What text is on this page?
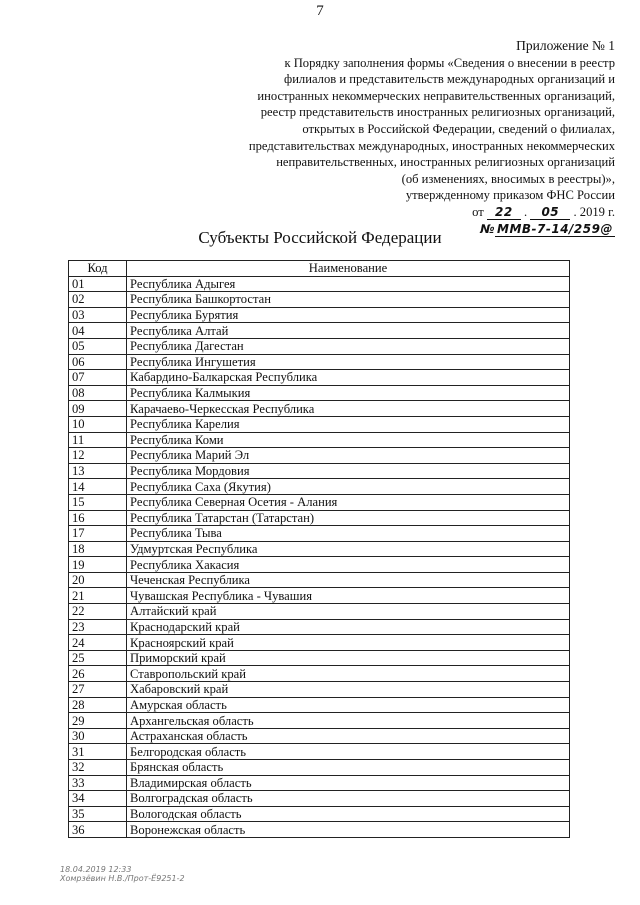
7
Приложение № 1
к Порядку заполнения формы «Сведения о внесении в реестр
филиалов и представительств международных организаций и
иностранных некоммерческих неправительственных организаций,
реестр представительств иностранных религиозных организаций,
открытых в Российской Федерации, сведений о филиалах,
представительствах международных, иностранных некоммерческих
неправительственных, иностранных религиозных организаций
(об изменениях, вносимых в реестры)»,
утвержденному приказом ФНС России
от 22 . 05 . 2019 г.
№ ММВ-7-14/259@
Субъекты Российской Федерации
Код	Наименование
01	Республика Адыгея
02	Республика Башкортостан
03	Республика Бурятия
04	Республика Алтай
05	Республика Дагестан
06	Республика Ингушетия
07	Кабардино-Балкарская Республика
08	Республика Калмыкия
09	Карачаево-Черкесская Республика
10	Республика Карелия
11	Республика Коми
12	Республика Марий Эл
13	Республика Мордовия
14	Республика Саха (Якутия)
15	Республика Северная Осетия - Алания
16	Республика Татарстан (Татарстан)
17	Республика Тыва
18	Удмуртская Республика
19	Республика Хакасия
20	Чеченская Республика
21	Чувашская Республика - Чувашия
22	Алтайский край
23	Краснодарский край
24	Красноярский край
25	Приморский край
26	Ставропольский край
27	Хабаровский край
28	Амурская область
29	Архангельская область
30	Астраханская область
31	Белгородская область
32	Брянская область
33	Владимирская область
34	Волгоградская область
35	Вологодская область
36	Воронежская область
18.04.2019 12:33
Хомрзёвин Н.В./Прот-Ё9251-2
